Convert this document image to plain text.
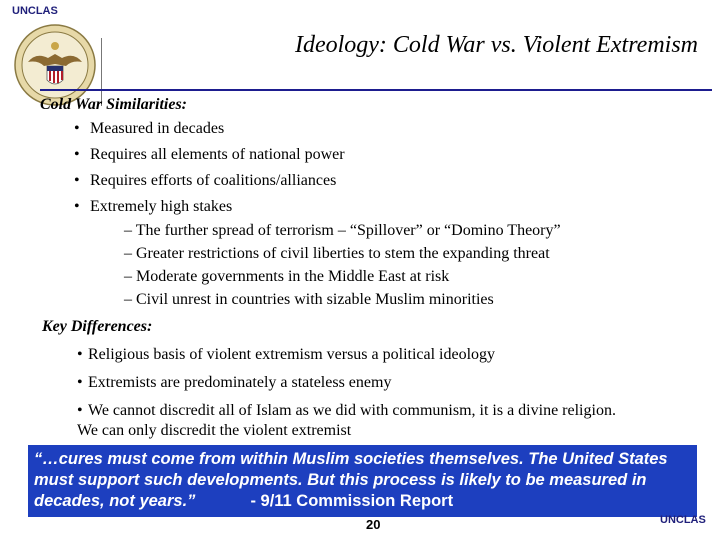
UNCLAS
Ideology: Cold War vs. Violent Extremism
Cold War Similarities:
• Measured in decades
• Requires all elements of national power
• Requires efforts of coalitions/alliances
• Extremely high stakes
– The further spread of terrorism – “Spillover” or “Domino Theory”
– Greater restrictions of civil liberties to stem the expanding threat
– Moderate governments in the Middle East at risk
– Civil unrest in countries with sizable Muslim minorities
Key Differences:
• Religious basis of violent extremism versus a political ideology
• Extremists are predominately a stateless enemy
• We cannot discredit all of Islam as we did with communism, it is a divine religion.
We can only discredit the violent extremist

“…cures must come from within Muslim societies themselves. The United States must support such developments. But this process is likely to be measured in decades, not years.”	- 9/11 Commission Report

20	UNCLAS
